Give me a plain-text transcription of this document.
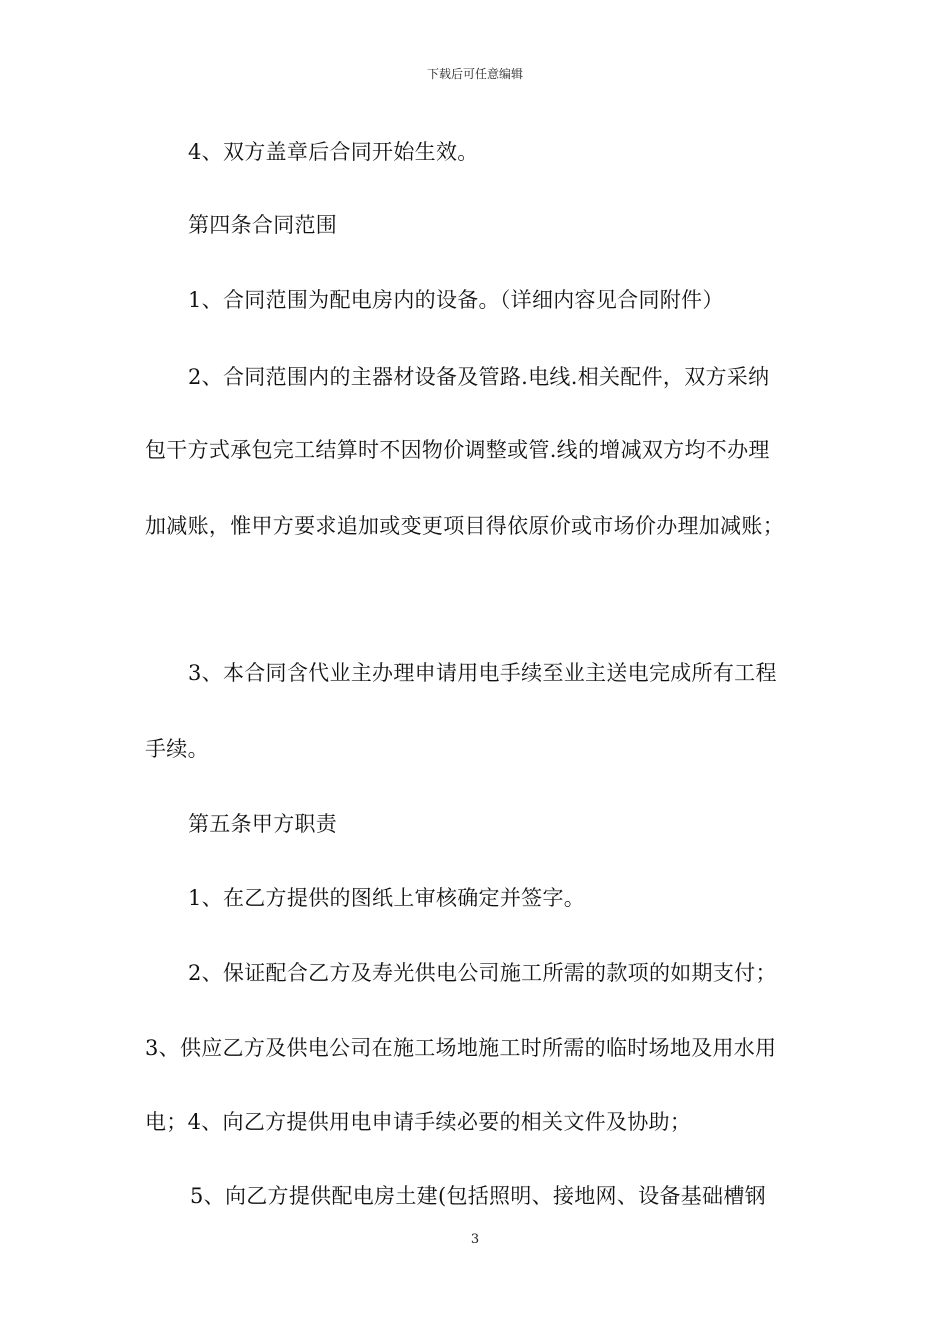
下载后可任意编辑
4、双方盖章后合同开始生效。
第四条合同范围
1、合同范围为配电房内的设备。（详细内容见合同附件）
2、合同范围内的主器材设备及管路.电线.相关配件，双方采纳
包干方式承包完工结算时不因物价调整或管.线的增减双方均不办理
加减账，惟甲方要求追加或变更项目得依原价或市场价办理加减账；
3、本合同含代业主办理申请用电手续至业主送电完成所有工程
手续。
第五条甲方职责
1、在乙方提供的图纸上审核确定并签字。
2、保证配合乙方及寿光供电公司施工所需的款项的如期支付；
3、供应乙方及供电公司在施工场地施工时所需的临时场地及用水用
电；4、向乙方提供用电申请手续必要的相关文件及协助；
5、向乙方提供配电房土建(包括照明、接地网、设备基础槽钢
3
